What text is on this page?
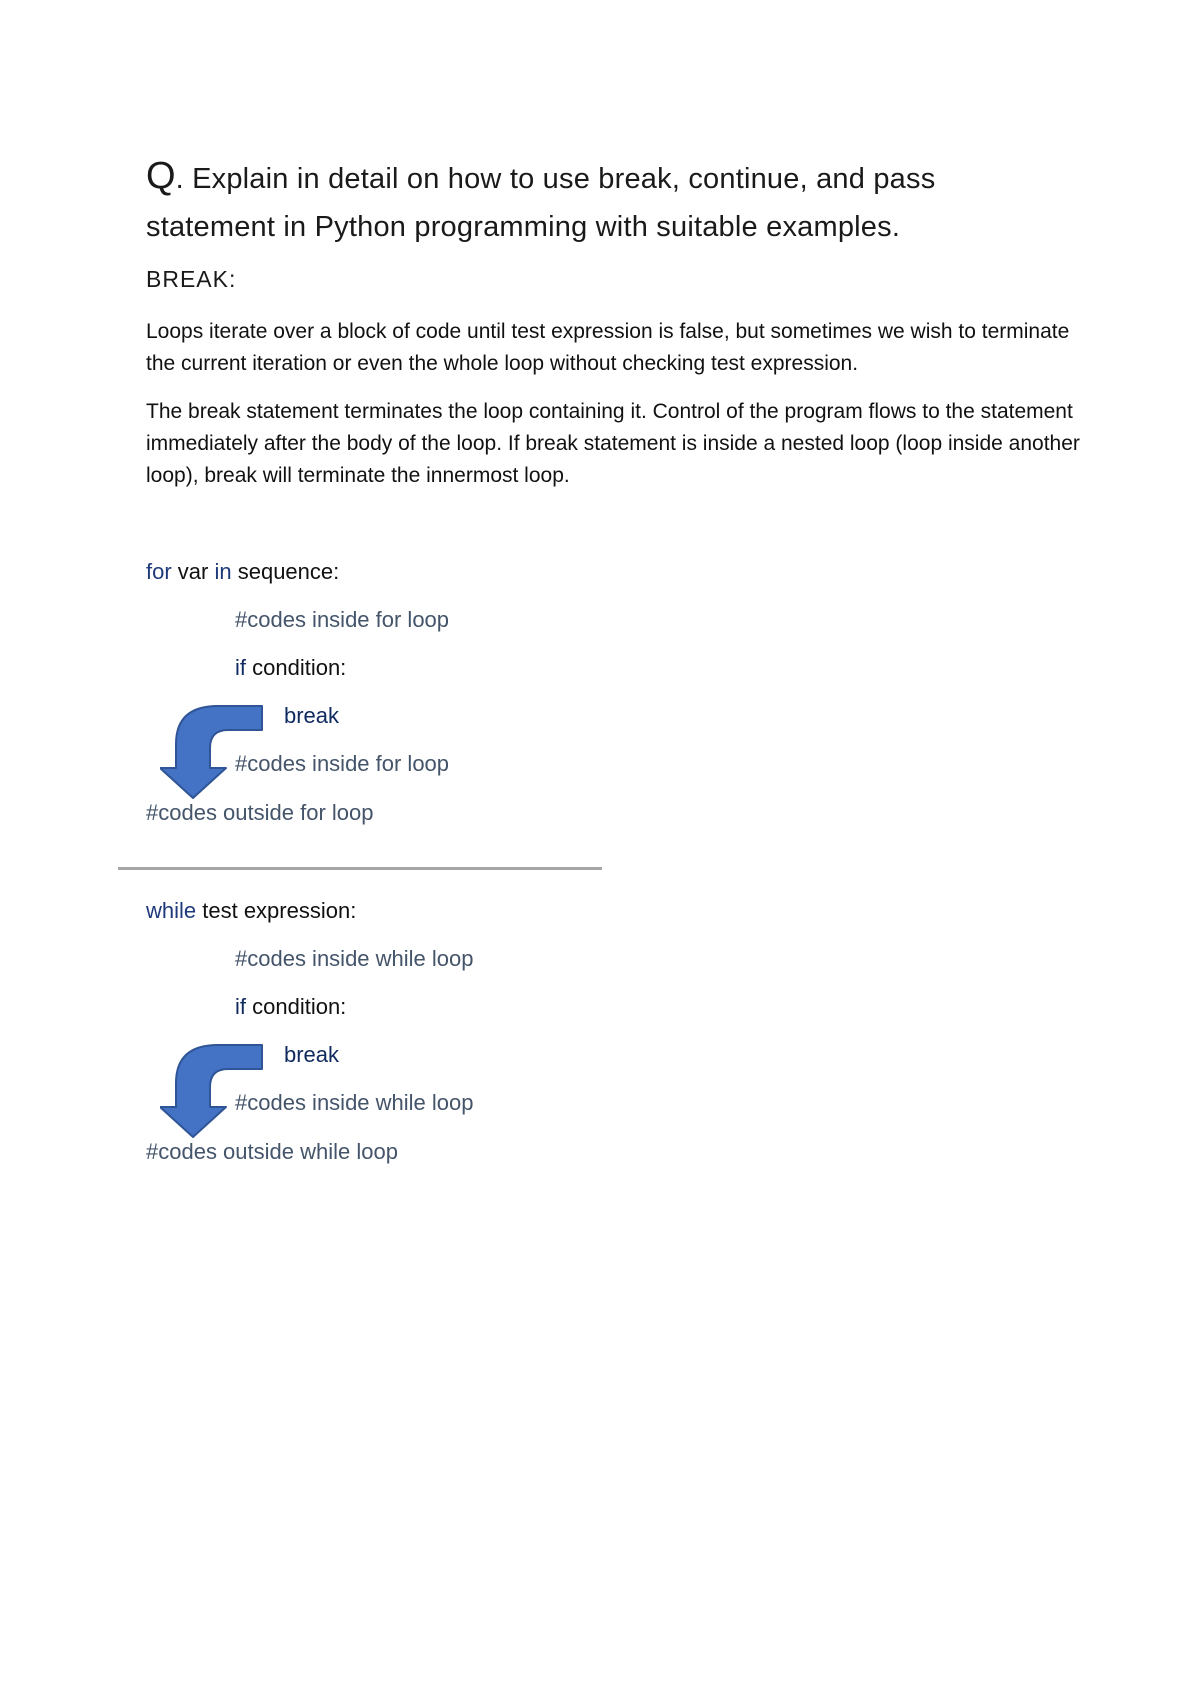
Q. Explain in detail on how to use break, continue, and pass
statement in Python programming with suitable examples.
BREAK:
Loops iterate over a block of code until test expression is false, but sometimes we wish to terminate the current iteration or even the whole loop without checking test expression.
The break statement terminates the loop containing it. Control of the program flows to the statement immediately after the body of the loop. If break statement is inside a nested loop (loop inside another loop), break will terminate the innermost loop.
for var in sequence:
#codes inside for loop
if condition:
break
#codes inside for loop
#codes outside for loop
while test expression:
#codes inside while loop
if condition:
break
#codes inside while loop
#codes outside while loop
